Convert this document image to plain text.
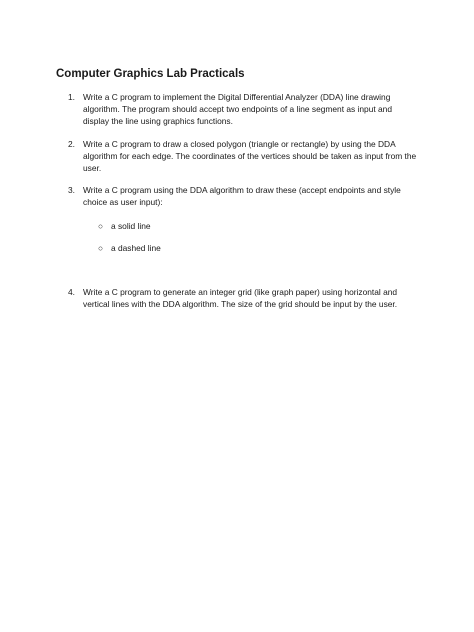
Computer Graphics Lab Practicals
1. Write a C program to implement the Digital Differential Analyzer (DDA) line drawing algorithm. The program should accept two endpoints of a line segment as input and display the line using graphics functions.
2. Write a C program to draw a closed polygon (triangle or rectangle) by using the DDA algorithm for each edge. The coordinates of the vertices should be taken as input from the user.
3. Write a C program using the DDA algorithm to draw these (accept endpoints and style choice as user input):
○ a solid line
○ a dashed line
4. Write a C program to generate an integer grid (like graph paper) using horizontal and vertical lines with the DDA algorithm. The size of the grid should be input by the user.
